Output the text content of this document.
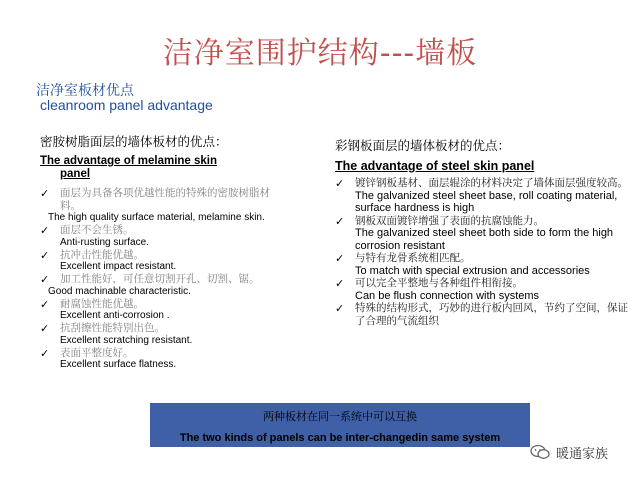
洁净室围护结构---墙板
洁净室板材优点
cleanroom panel advantage
密胺树脂面层的墙体板材的优点：
The advantage of melamine skin
panel
✓ 面层为具备各项优越性能的特殊的密胺树脂材料。
The high quality surface material, melamine skin.
✓ 面层不会生锈。
Anti-rusting surface.
✓ 抗冲击性能优越。
Excellent impact resistant.
✓ 加工性能好，可任意切割开孔、切割、锯。
Good machinable characteristic.
✓ 耐腐蚀性能优越。
Excellent anti-corrosion .
✓ 抗刮擦性能特别出色。
Excellent scratching resistant.
✓ 表面平整度好。
Excellent surface flatness.
彩钢板面层的墙体板材的优点：
The advantage of steel skin panel
✓ 镀锌钢板基材、面层辊涂的材料决定了墙体面层强度较高。
The galvanized steel sheet base, roll coating material, surface hardness is high
✓ 钢板双面镀锌增强了表面的抗腐蚀能力。
The galvanized steel sheet both side to form the high corrosion resistant
✓ 与特有龙骨系统相匹配。
To match with special extrusion and accessories
✓ 可以完全平整地与各种组件相衔接。
Can be flush connection with systems
✓ 特殊的结构形式，巧妙的进行板内回风，节约了空间，保证了合理的气流组织
两种板材在同一系统中可以互换
The two kinds of panels can be inter-changedin same system
暖通家族
